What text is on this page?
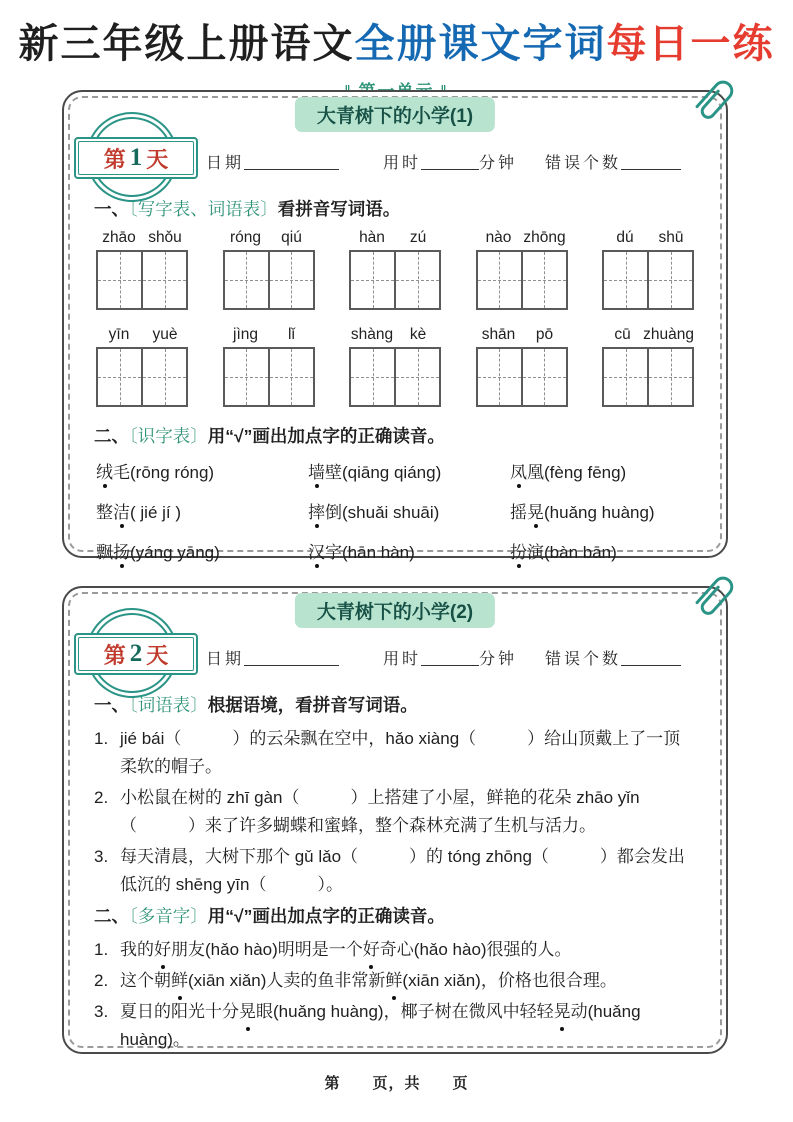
新三年级上册语文全册课文字词每日一练
大青树下的小学(1)
第 1 天 日期	用时	分钟 错误个数
一、〔写字表、词语表〕看拼音写词语。
zhāo shǒu	róng	qiú	hàn	zú	nào zhōng	dú	shū
yīn	yuè	jìng	lǐ	shàng	kè	shān	pō	cū zhuàng
二、〔识字表〕用“√”画出加点字的正确读音。
绒毛(rōng róng)	墙壁(qiāng qiáng)	凤凰(fèng fēng)
整洁( jié jí )	摔倒(shuǎi shuāi)	摇晃(huǎng huàng)
飘扬(yáng yāng)	汉字(hān hàn)	扮演(bàn bān)
大青树下的小学(2)
第 2 天 日期	用时	分钟 错误个数
一、〔词语表〕根据语境，看拼音写词语。
1. jié bái（　　　）的云朵飘在空中，hǎo xiàng（　　　）给山顶戴上了一顶柔软的帽子。
2. 小松鼠在树的 zhī gàn（　　　）上搭建了小屋，鲜艳的花朵 zhāo yǐn（　　　）来了许多蝴蝶和蜜蜂，整个森林充满了生机与活力。
3. 每天清晨，大树下那个 gǔ lǎo（　　　）的 tóng zhōng（　　　）都会发出低沉的 shēng yīn（　　　）。
二、〔多音字〕用“√”画出加点字的正确读音。
1. 我的好朋友(hǎo hào)明明是一个好奇心(hǎo hào)很强的人。
2. 这个朝鲜(xiān xiǎn)人卖的鱼非常新鲜(xiān xiǎn)，价格也很合理。
3. 夏日的阳光十分晃眼(huǎng huàng)，椰子树在微风中轻轻晃动(huǎng huàng)。
第　　页，共　　页
